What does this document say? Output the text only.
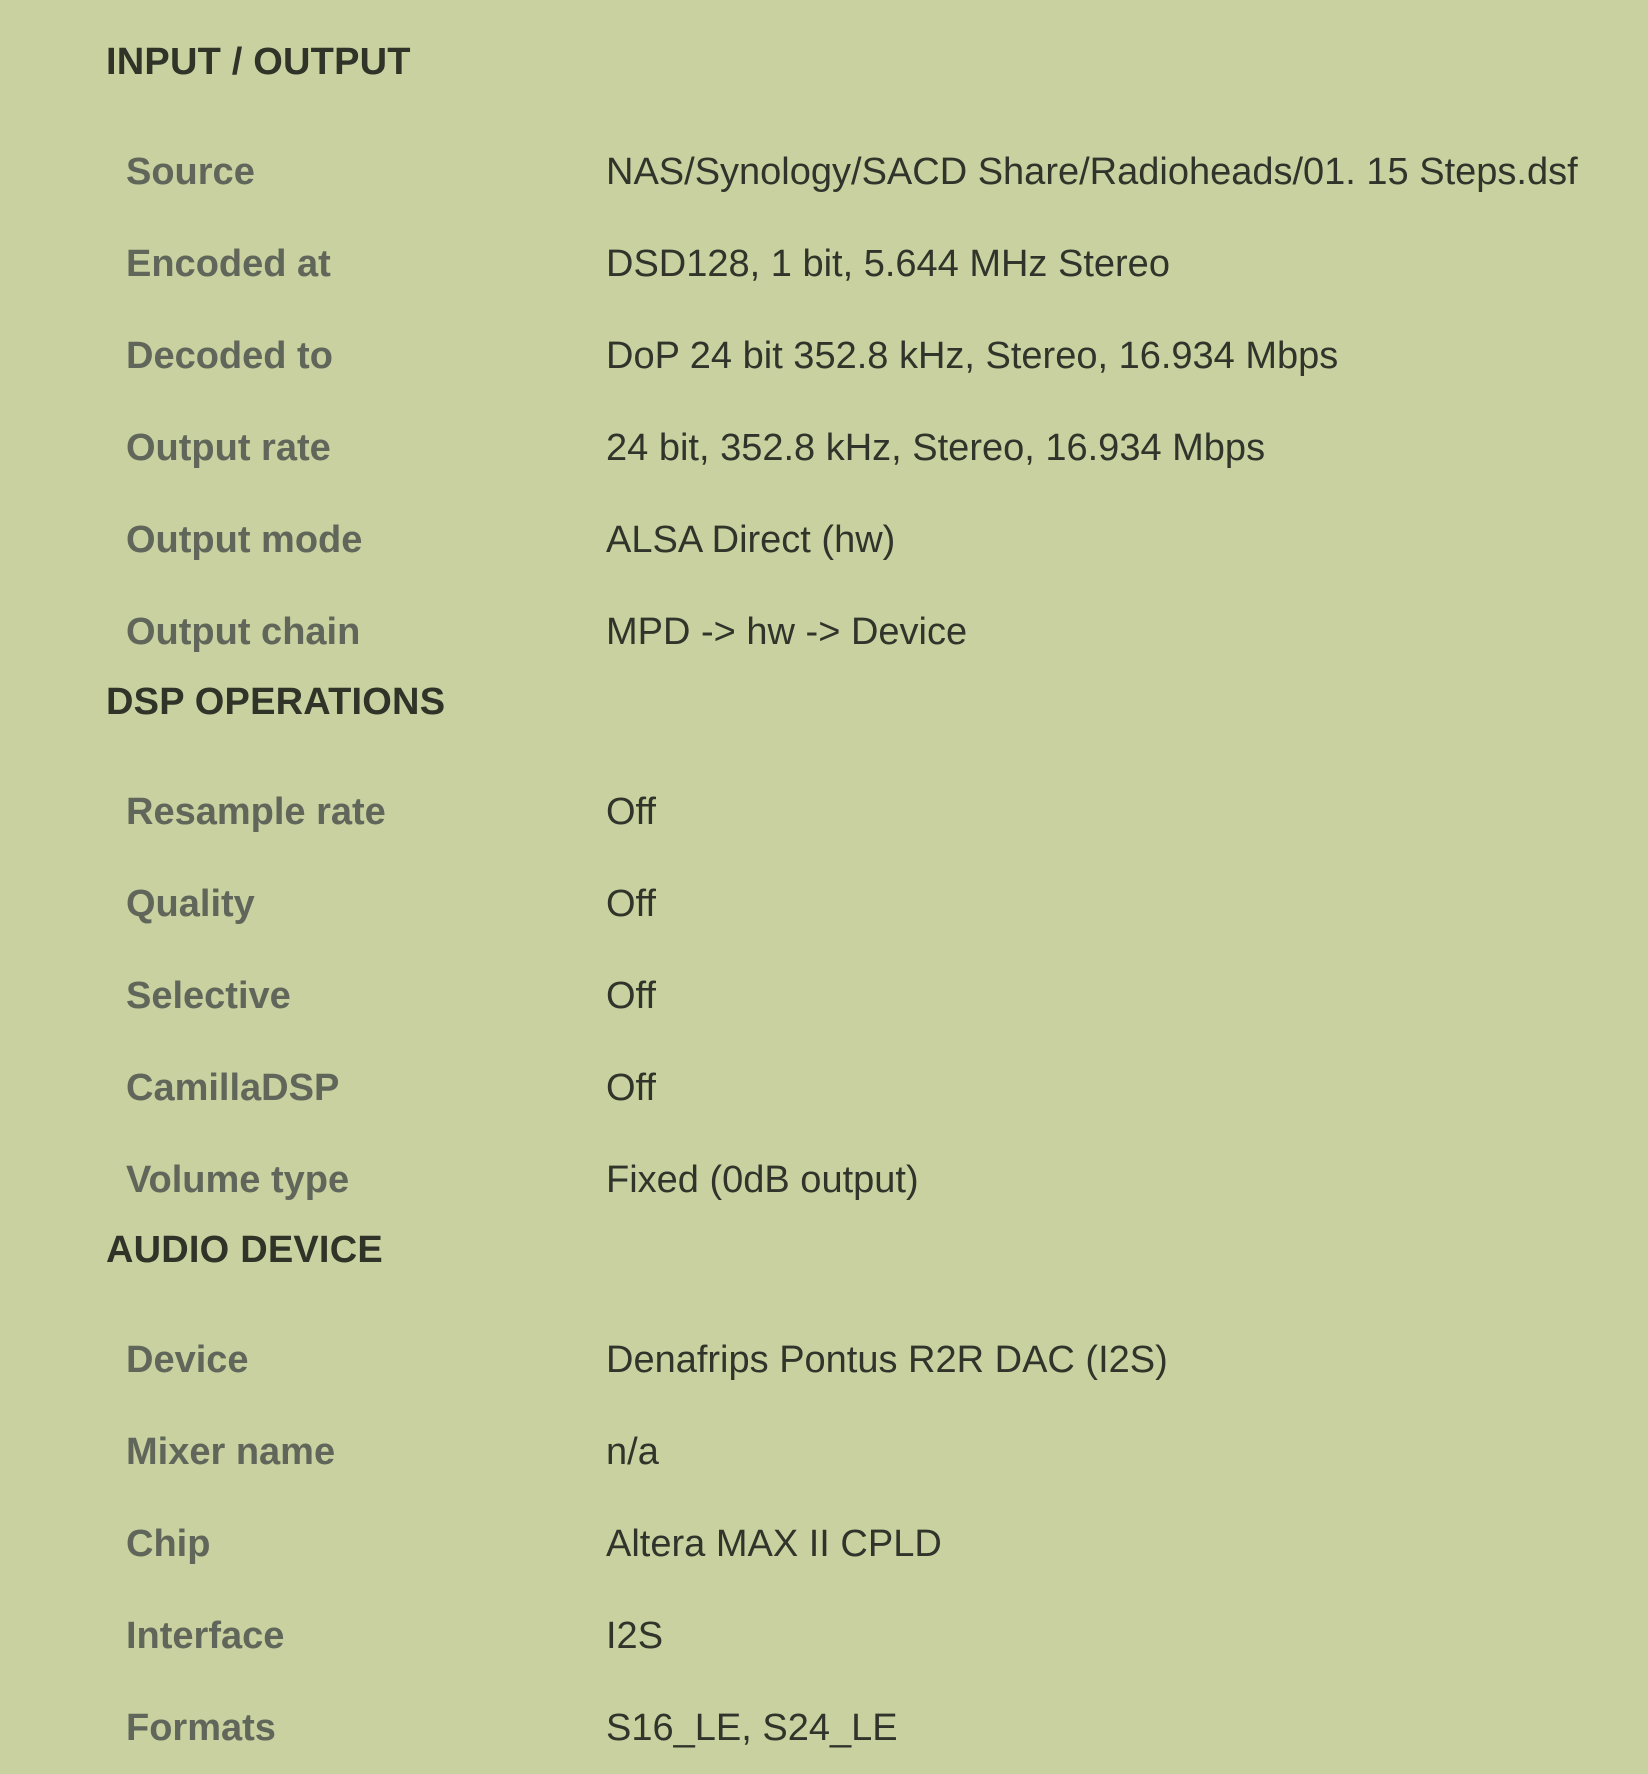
INPUT / OUTPUT
Source	NAS/Synology/SACD Share/Radioheads/01. 15 Steps.dsf
Encoded at	DSD128, 1 bit, 5.644 MHz Stereo
Decoded to	DoP 24 bit 352.8 kHz, Stereo, 16.934 Mbps
Output rate	24 bit, 352.8 kHz, Stereo, 16.934 Mbps
Output mode	ALSA Direct (hw)
Output chain	MPD -> hw -> Device
DSP OPERATIONS
Resample rate	Off
Quality	Off
Selective	Off
CamillaDSP	Off
Volume type	Fixed (0dB output)
AUDIO DEVICE
Device	Denafrips Pontus R2R DAC (I2S)
Mixer name	n/a
Chip	Altera MAX II CPLD
Interface	I2S
Formats	S16_LE, S24_LE
